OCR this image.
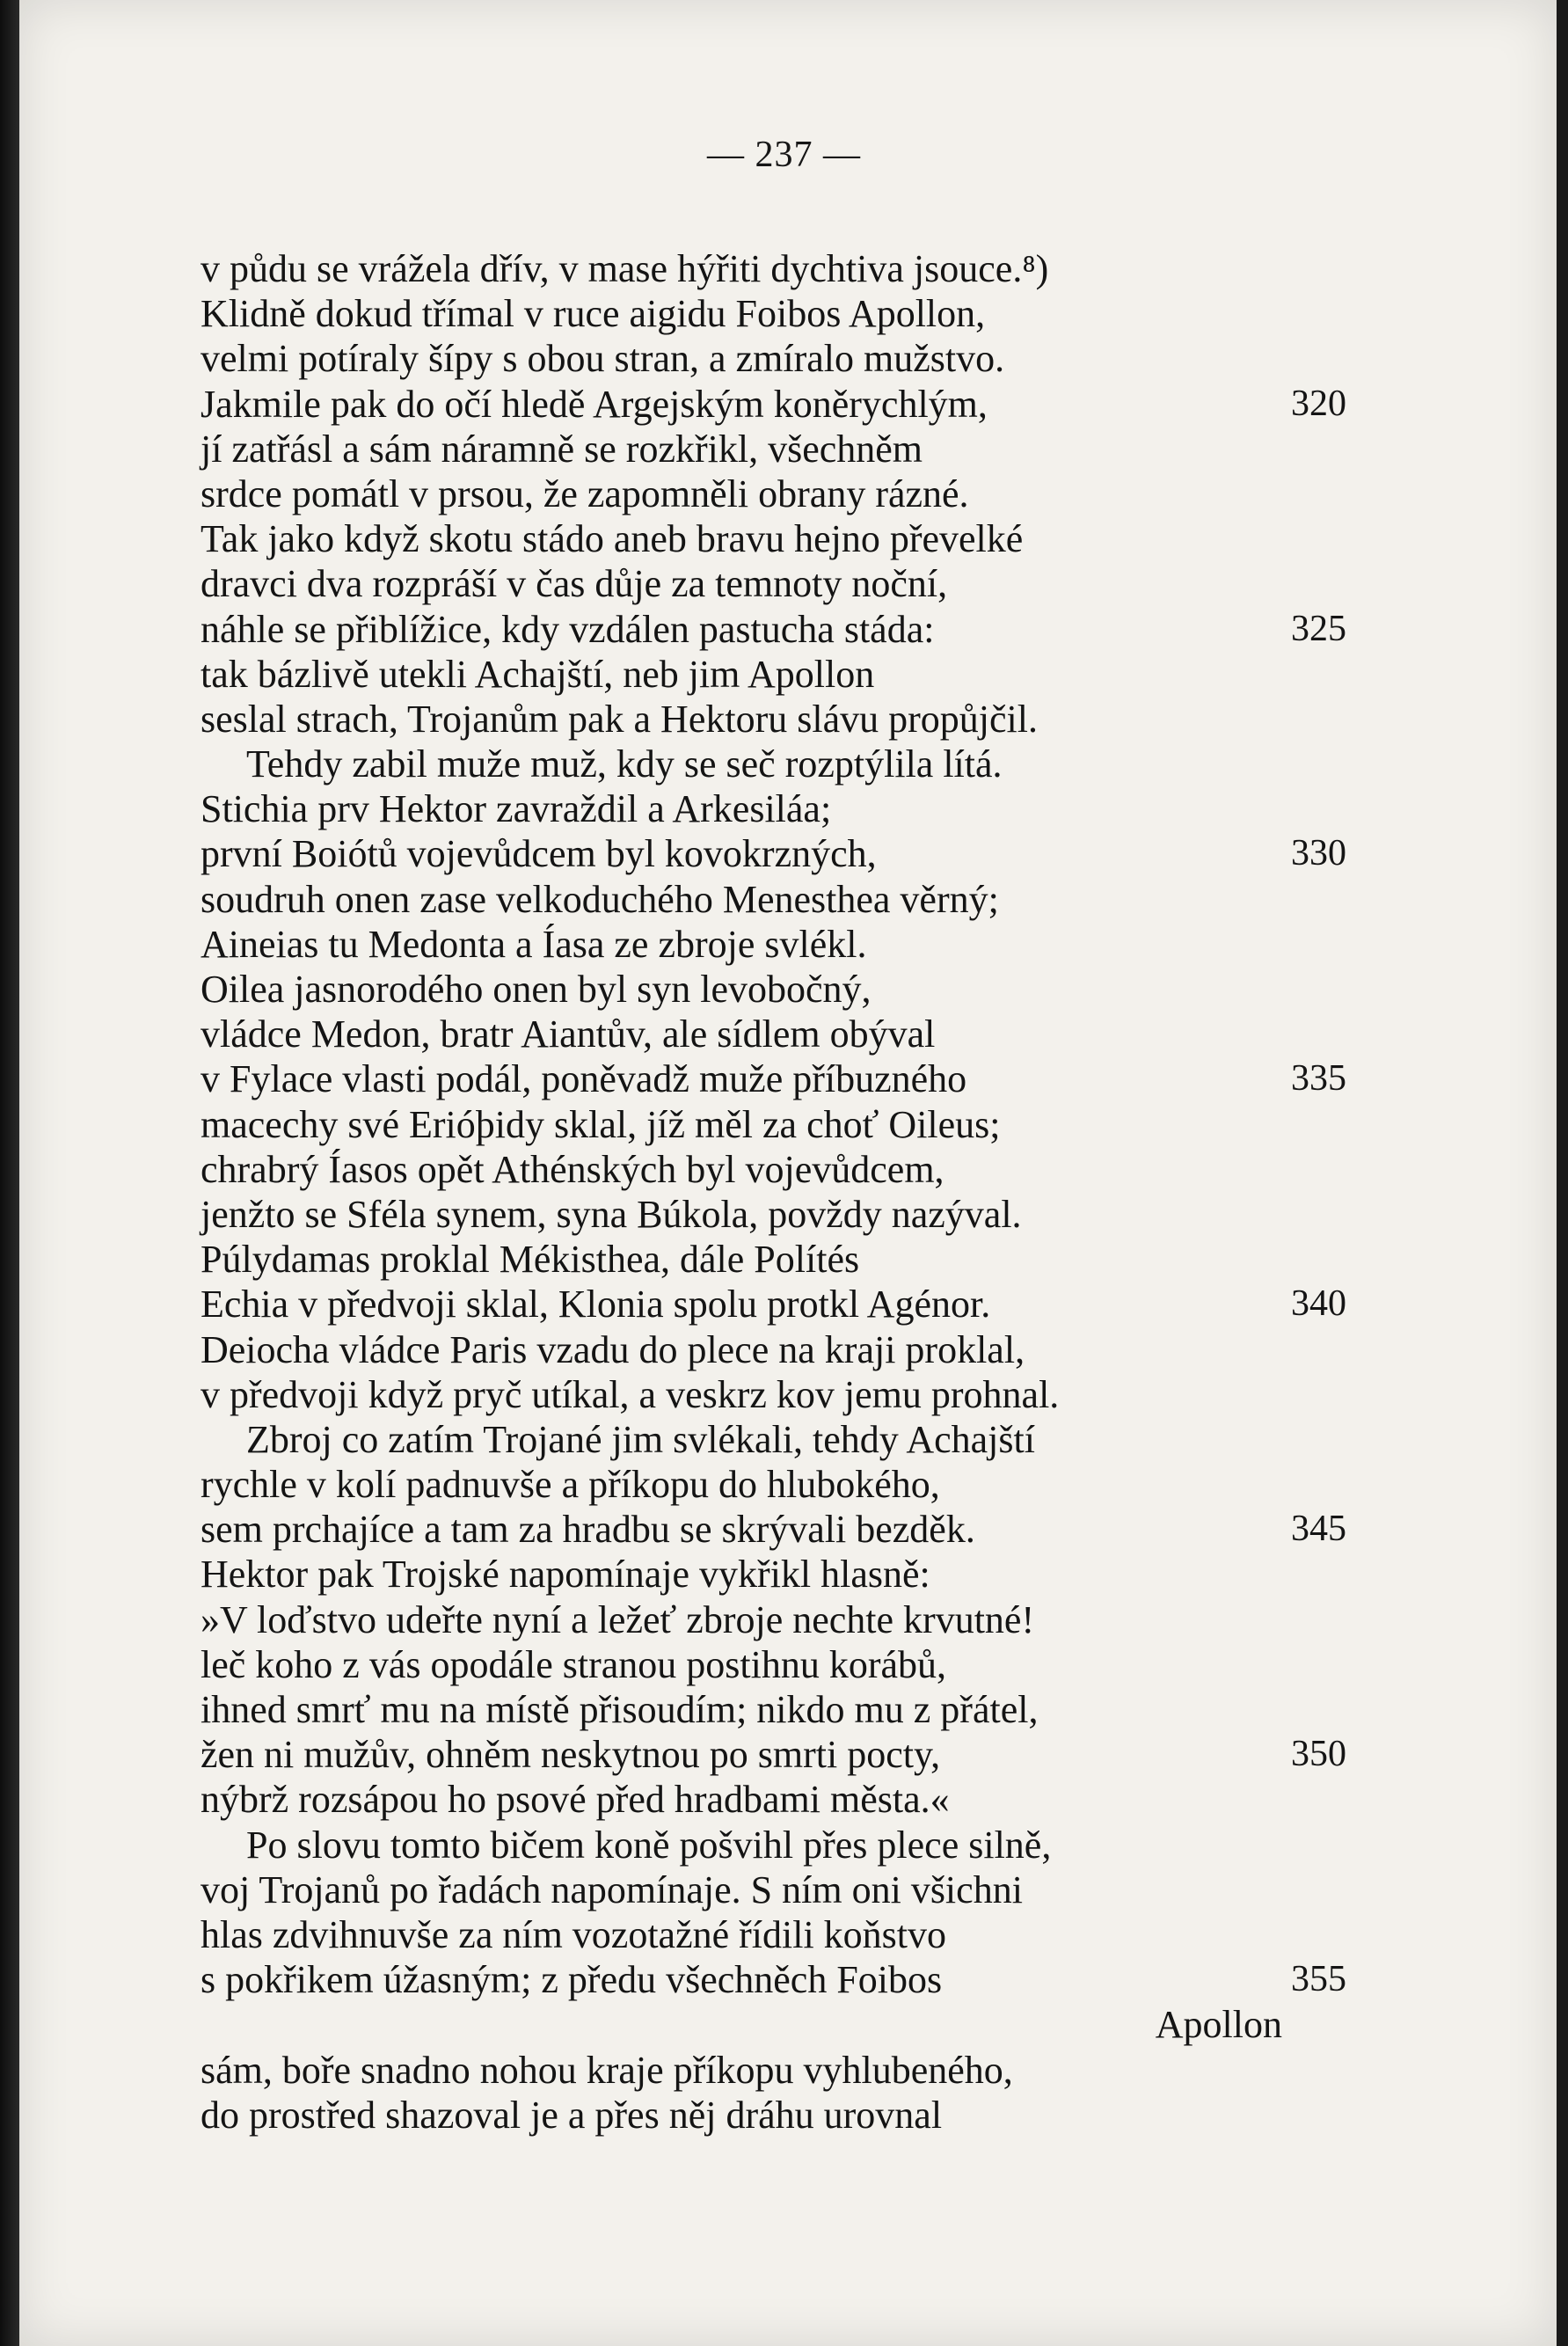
— 237 —
v půdu se vrážela dřív, v mase hýřiti dychtiva jsouce.⁸)
Klidně dokud třímal v ruce aigidu Foibos Apollon,
velmi potíraly šípy s obou stran, a zmíralo mužstvo.
Jakmile pak do očí hledě Argejským koněrychlým,	320
jí zatřásl a sám náramně se rozkřikl, všechněm
srdce pomátl v prsou, že zapomněli obrany rázné.
Tak jako když skotu stádo aneb bravu hejno převelké
dravci dva rozpráší v čas důje za temnoty noční,
náhle se přiblížice, kdy vzdálen pastucha stáda:	325
tak bázlivě utekli Achajští, neb jim Apollon
seslal strach, Trojanům pak a Hektoru slávu propůjčil.
Tehdy zabil muže muž, kdy se seč rozptýlila lítá.
Stichia prv Hektor zavraždil a Arkesiláa;
první Boiótů vojevůdcem byl kovokrzných,	330
soudruh onen zase velkoduchého Menesthea věrný;
Aineias tu Medonta a Íasa ze zbroje svlékl.
Oilea jasnorodého onen byl syn levobočný,
vládce Medon, bratr Aiantův, ale sídlem obýval
v Fylace vlasti podál, poněvadž muže příbuzného	335
macechy své Erióþidy sklal, jíž měl za choť Oileus;
chrabrý Íasos opět Athénských byl vojevůdcem,
jenžto se Sféla synem, syna Búkola, povždy nazýval.
Púlydamas proklal Mékisthea, dále Polítés
Echia v předvoji sklal, Klonia spolu protkl Agénor.	340
Deiocha vládce Paris vzadu do plece na kraji proklal,
v předvoji když pryč utíkal, a veskrz kov jemu prohnal.
Zbroj co zatím Trojané jim svlékali, tehdy Achajští
rychle v kolí padnuvše a příkopu do hlubokého,
sem prchajíce a tam za hradbu se skrývali bezděk.	345
Hektor pak Trojské napomínaje vykřikl hlasně:
»V loďstvo udeřte nyní a ležeť zbroje nechte krvutné!
leč koho z vás opodále stranou postihnu korábů,
ihned smrť mu na místě přisoudím; nikdo mu z přátel,
žen ni mužův, ohněm neskytnou po smrti pocty,	350
nýbrž rozsápou ho psové před hradbami města.«
Po slovu tomto bičem koně pošvihl přes plece silně,
voj Trojanů po řadách napomínaje. S ním oni všichni
hlas zdvihnuvše za ním vozotažné řídili koňstvo
s pokřikem úžasným; z předu všechněch Foibos	355
Apollon
sám, boře snadno nohou kraje příkopu vyhlubeného,
do prostřed shazoval je a přes něj dráhu urovnal
